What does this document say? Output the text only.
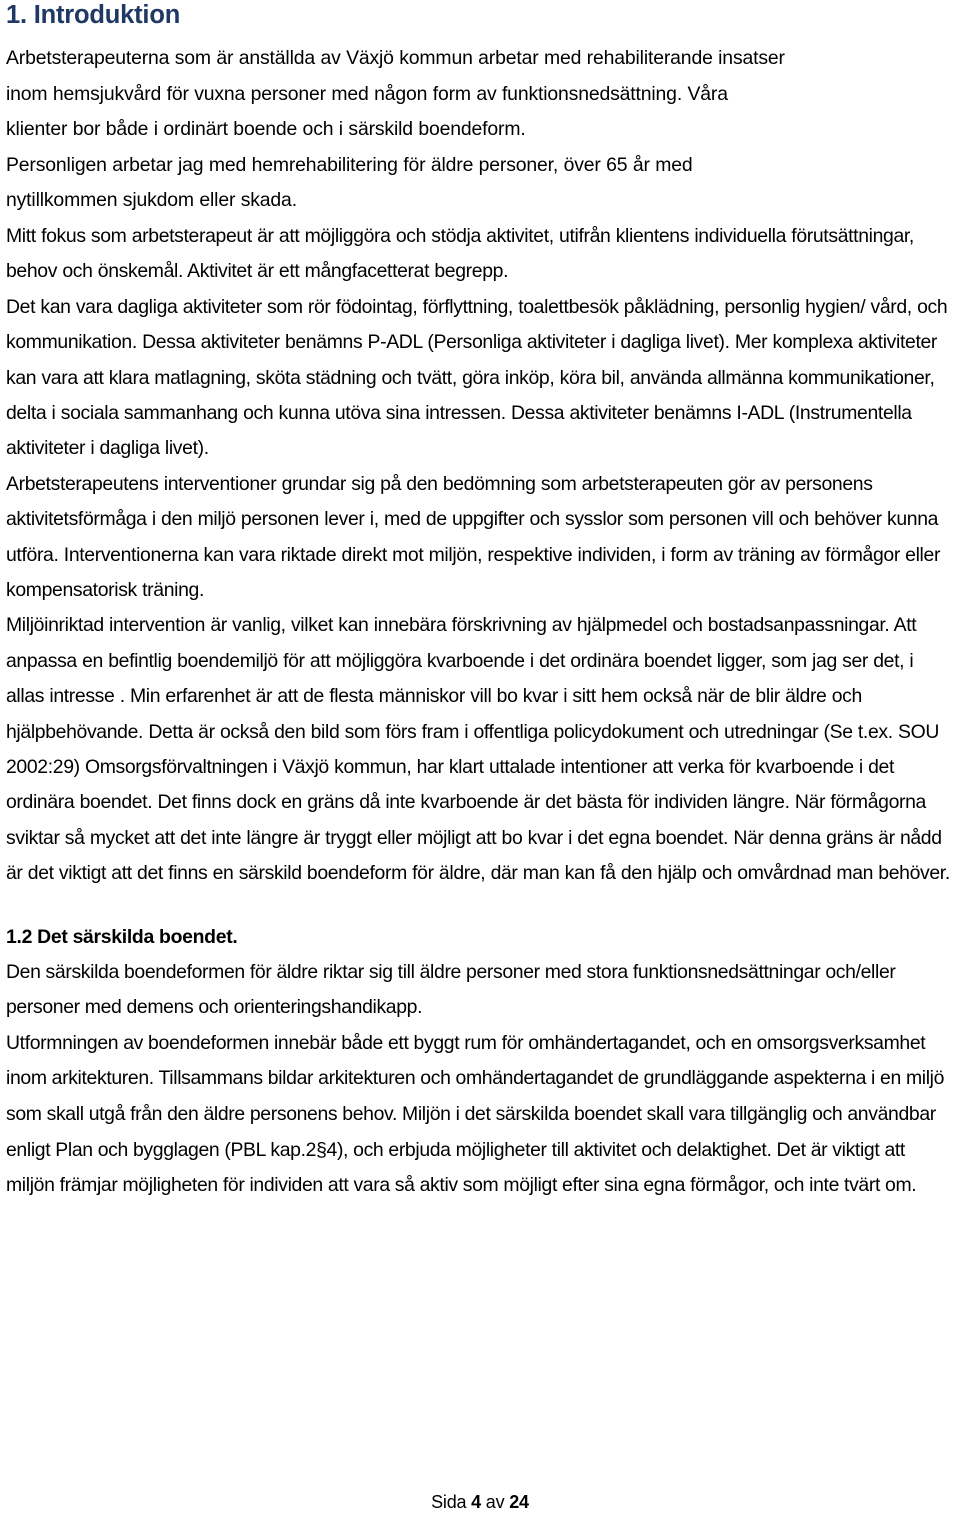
1. Introduktion

Arbetsterapeuterna som är anställda av Växjö kommun arbetar med rehabiliterande insatser

inom hemsjukvård för vuxna personer med någon form av funktionsnedsättning. Våra

klienter bor både i ordinärt boende och i särskild boendeform.

Personligen arbetar jag med hemrehabilitering för äldre personer, över 65 år med

nytillkommen sjukdom eller skada.

Mitt fokus som arbetsterapeut är att möjliggöra och stödja aktivitet, utifrån klientens individuella förutsättningar, behov och önskemål. Aktivitet är ett mångfacetterat begrepp.
Det kan vara dagliga aktiviteter som rör födointag, förflyttning, toalettbesök påklädning, personlig hygien/ vård, och kommunikation. Dessa aktiviteter benämns P-ADL (Personliga aktiviteter i dagliga livet). Mer komplexa aktiviteter kan vara att klara matlagning, sköta städning och tvätt, göra inköp, köra bil, använda allmänna kommunikationer, delta i sociala sammanhang och kunna utöva sina intressen. Dessa aktiviteter benämns I-ADL (Instrumentella aktiviteter i dagliga livet).
Arbetsterapeutens interventioner grundar sig på den bedömning som arbetsterapeuten gör av personens aktivitetsförmåga i den miljö personen lever i, med de uppgifter och sysslor som personen vill och behöver kunna utföra. Interventionerna kan vara riktade direkt mot miljön, respektive individen, i form av träning av förmågor eller kompensatorisk träning.
Miljöinriktad intervention är vanlig, vilket kan innebära förskrivning av hjälpmedel och bostadsanpassningar. Att anpassa en befintlig boendemiljö för att möjliggöra kvarboende i det ordinära boendet ligger, som jag ser det, i allas intresse . Min erfarenhet är att de flesta människor vill bo kvar i sitt hem också när de blir äldre och hjälpbehövande. Detta är också den bild som förs fram i offentliga policydokument och utredningar (Se t.ex. SOU 2002:29) Omsorgsförvaltningen i Växjö kommun, har klart uttalade intentioner att verka för kvarboende i det ordinära boendet. Det finns dock en gräns då inte kvarboende är det bästa för individen längre. När förmågorna sviktar så mycket att det inte längre är tryggt eller möjligt att bo kvar i det egna boendet. När denna gräns är nådd är det viktigt att det finns en särskild boendeform för äldre, där man kan få den hjälp och omvårdnad man behöver.

1.2 Det särskilda boendet.

Den särskilda boendeformen för äldre riktar sig till äldre personer med stora funktionsnedsättningar och/eller personer med demens och orienteringshandikapp.
Utformningen av boendeformen innebär både ett byggt rum för omhändertagandet, och en omsorgsverksamhet inom arkitekturen. Tillsammans bildar arkitekturen och omhändertagandet de grundläggande aspekterna i en miljö som skall utgå från den äldre personens behov. Miljön i det särskilda boendet skall vara tillgänglig och användbar enligt Plan och bygglagen (PBL kap.2§4), och erbjuda möjligheter till aktivitet och delaktighet. Det är viktigt att miljön främjar möjligheten för individen att vara så aktiv som möjligt efter sina egna förmågor, och inte tvärt om.

Sida 4 av 24
